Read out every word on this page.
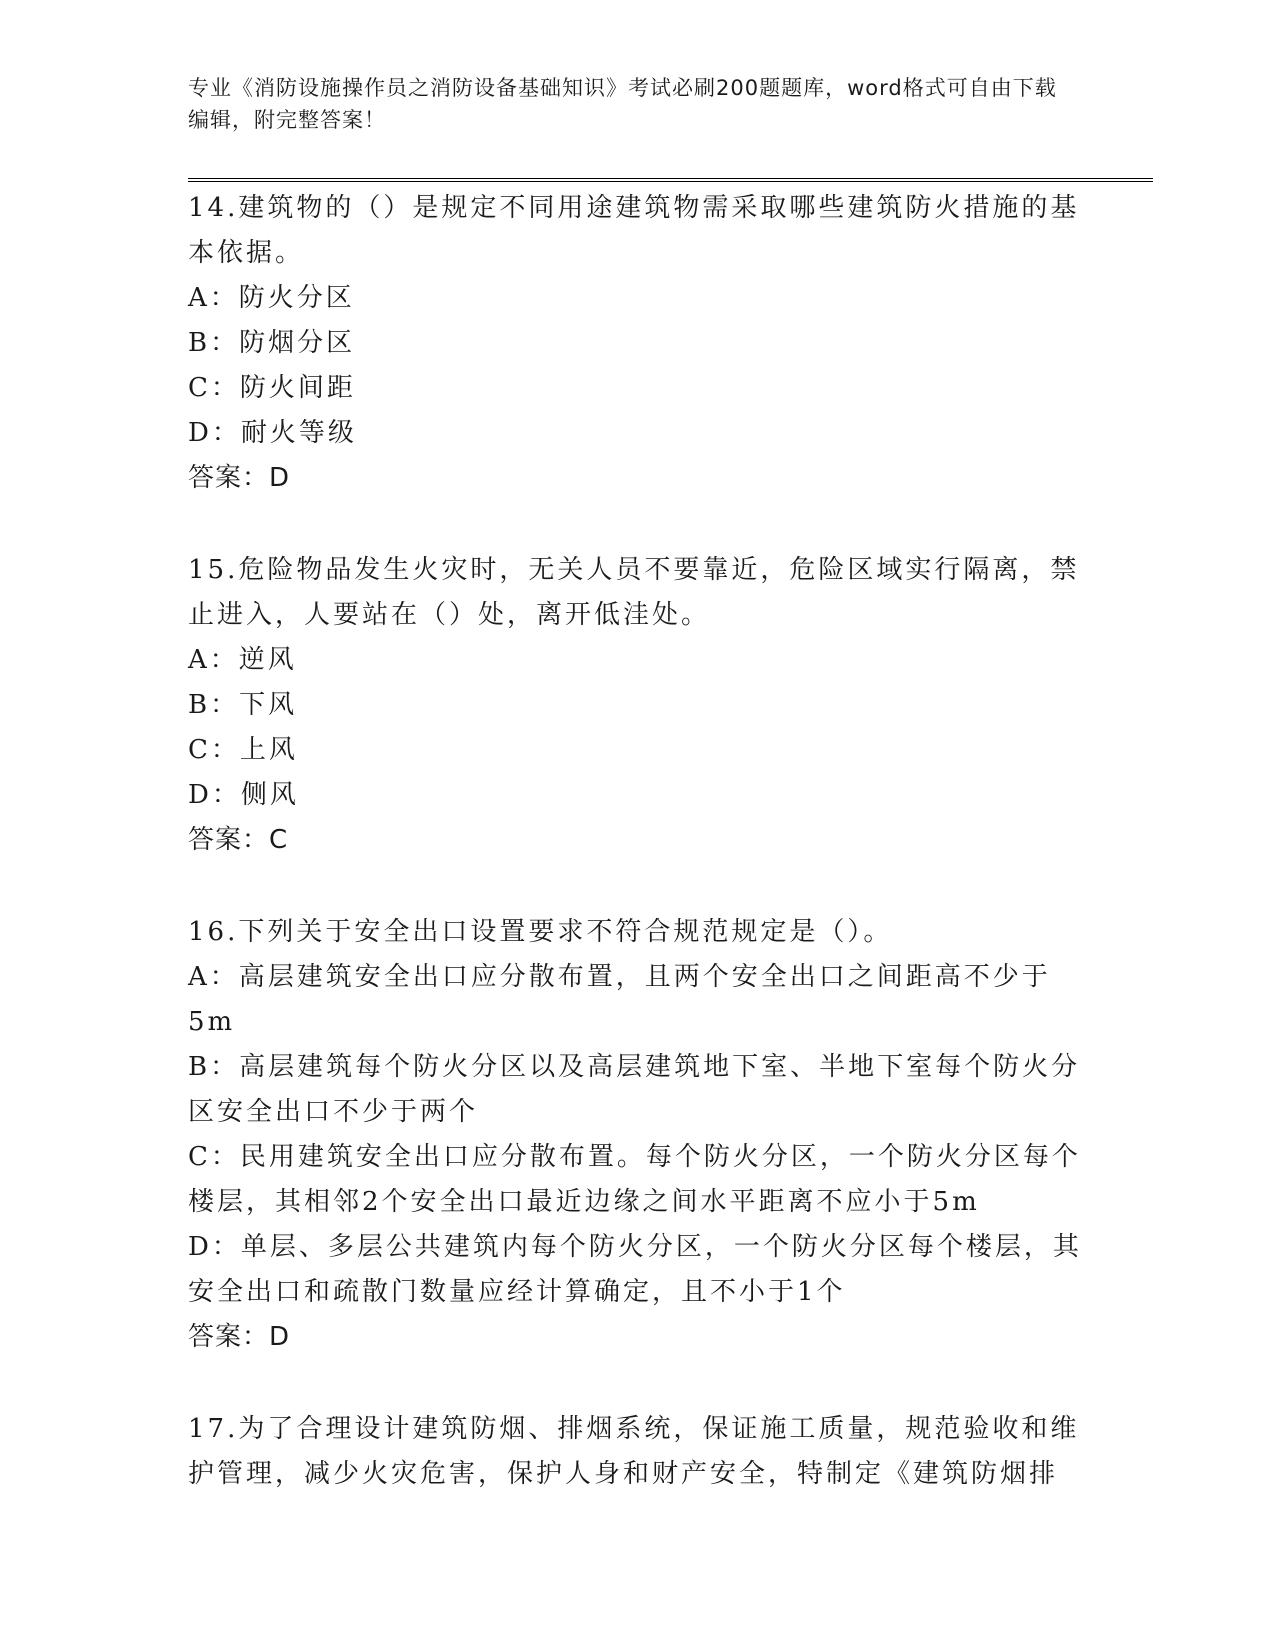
专业《消防设施操作员之消防设备基础知识》考试必刷200题题库，word格式可自由下载编辑，附完整答案！

14.建筑物的（）是规定不同用途建筑物需采取哪些建筑防火措施的基本依据。

A：防火分区

B：防烟分区

C：防火间距

D：耐火等级

答案：D

15.危险物品发生火灾时，无关人员不要靠近，危险区域实行隔离，禁止进入，人要站在（）处，离开低洼处。

A：逆风

B：下风

C：上风

D：侧风

答案：C

16.下列关于安全出口设置要求不符合规范规定是（）。

A：高层建筑安全出口应分散布置，且两个安全出口之间距高不少于5m

B：高层建筑每个防火分区以及高层建筑地下室、半地下室每个防火分区安全出口不少于两个

C：民用建筑安全出口应分散布置。每个防火分区，一个防火分区每个楼层，其相邻2个安全出口最近边缘之间水平距离不应小于5m

D：单层、多层公共建筑内每个防火分区，一个防火分区每个楼层，其安全出口和疏散门数量应经计算确定，且不小于1个

答案：D

17.为了合理设计建筑防烟、排烟系统，保证施工质量，规范验收和维护管理，减少火灾危害，保护人身和财产安全，特制定《建筑防烟排
